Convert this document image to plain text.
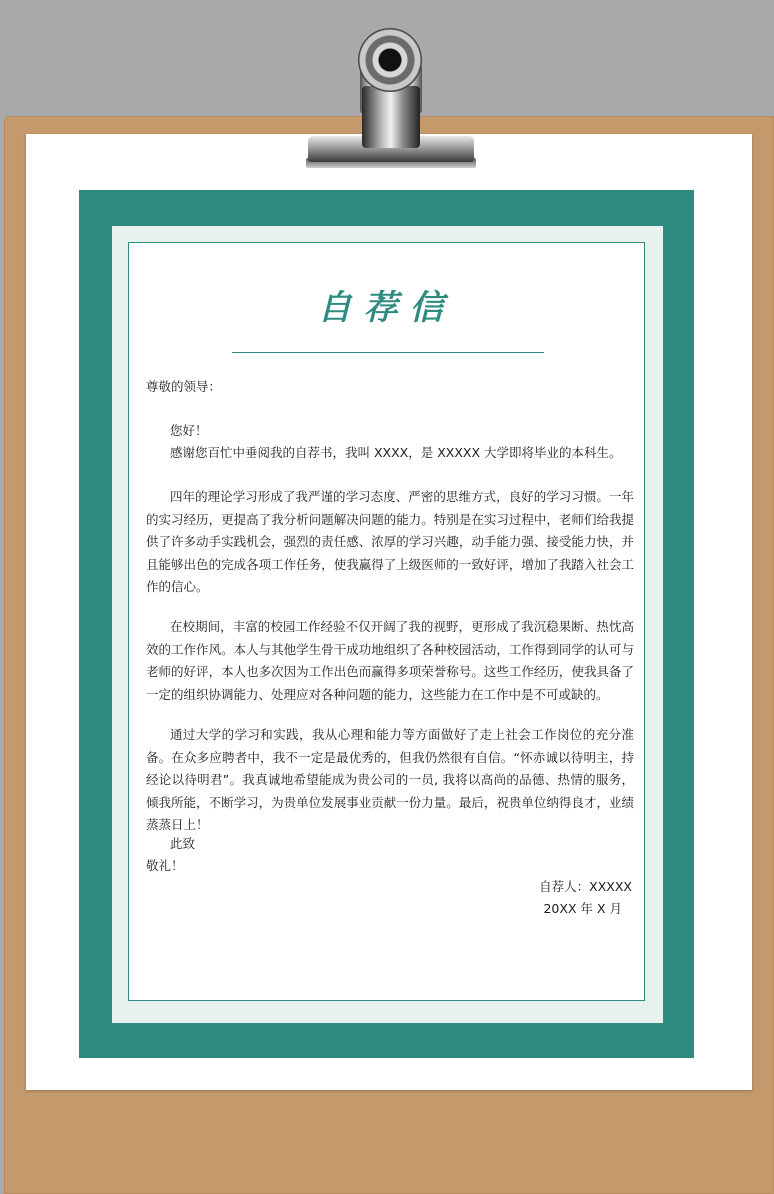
自荐信
尊敬的领导：
您好！
感谢您百忙中垂阅我的自荐书，我叫 XXXX，是 XXXXX 大学即将毕业的本科生。
四年的理论学习形成了我严谨的学习态度、严密的思维方式，良好的学习习惯。一年的实习经历，更提高了我分析问题解决问题的能力。特别是在实习过程中，老师们给我提供了许多动手实践机会，强烈的责任感、浓厚的学习兴趣，动手能力强、接受能力快，并且能够出色的完成各项工作任务，使我赢得了上级医师的一致好评，增加了我踏入社会工作的信心。
在校期间，丰富的校园工作经验不仅开阔了我的视野，更形成了我沉稳果断、热忱高效的工作作风。本人与其他学生骨干成功地组织了各种校园活动，工作得到同学的认可与老师的好评，本人也多次因为工作出色而赢得多项荣誉称号。这些工作经历，使我具备了一定的组织协调能力、处理应对各种问题的能力，这些能力在工作中是不可或缺的。
通过大学的学习和实践，我从心理和能力等方面做好了走上社会工作岗位的充分准备。在众多应聘者中，我不一定是最优秀的，但我仍然很有自信。“怀赤诚以待明主，持经论以待明君”。我真诚地希望能成为贵公司的一员, 我将以高尚的品德、热情的服务，倾我所能，不断学习，为贵单位发展事业贡献一份力量。最后，祝贵单位纳得良才，业绩蒸蒸日上！
此致
敬礼！
自荐人：XXXXX
20XX 年 X 月
